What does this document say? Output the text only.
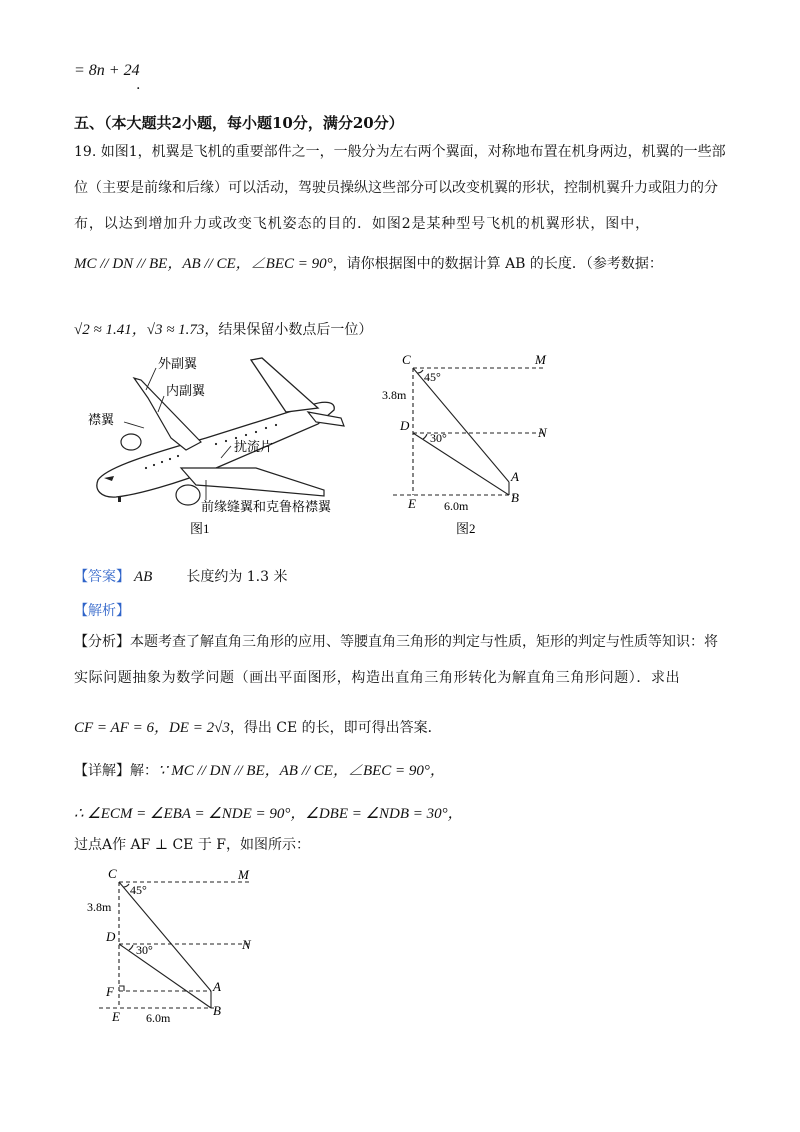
= 8n + 24
.
五、（本大题共2小题，每小题10分，满分20分）
19. 如图1，机翼是飞机的重要部件之一，一般分为左右两个翼面，对称地布置在机身两边，机翼的一些部
位（主要是前缘和后缘）可以活动，驾驶员操纵这些部分可以改变机翼的形状，控制机翼升力或阻力的分
布，以达到增加升力或改变飞机姿态的目的．如图2是某种型号飞机的机翼形状，图中，
MC // DN // BE，AB // CE，∠BEC = 90°，请你根据图中的数据计算 AB 的长度．（参考数据：
√2 ≈ 1.41，√3 ≈ 1.73，结果保留小数点后一位）
外副翼
内副翼
襟翼
扰流片
前缘缝翼和克鲁格襟翼
图1
C	M
D	N
E
A
B
45°
30°
3.8m
6.0m
图2
【答案】 AB 长度约为 1.3 米
【解析】
【分析】本题考查了解直角三角形的应用、等腰直角三角形的判定与性质，矩形的判定与性质等知识：将
实际问题抽象为数学问题（画出平面图形，构造出直角三角形转化为解直角三角形问题）．求出
CF = AF = 6，DE = 2√3，得出 CE 的长，即可得出答案．
【详解】解：∵ MC // DN // BE，AB // CE，∠BEC = 90°，
∴ ∠ECM = ∠EBA = ∠NDE = 90°，∠DBE = ∠NDB = 30°，
过点A作 AF ⊥ CE 于 F，如图所示：
C	M
D
N
F
E
A
B
45°
30°
3.8m
6.0m
